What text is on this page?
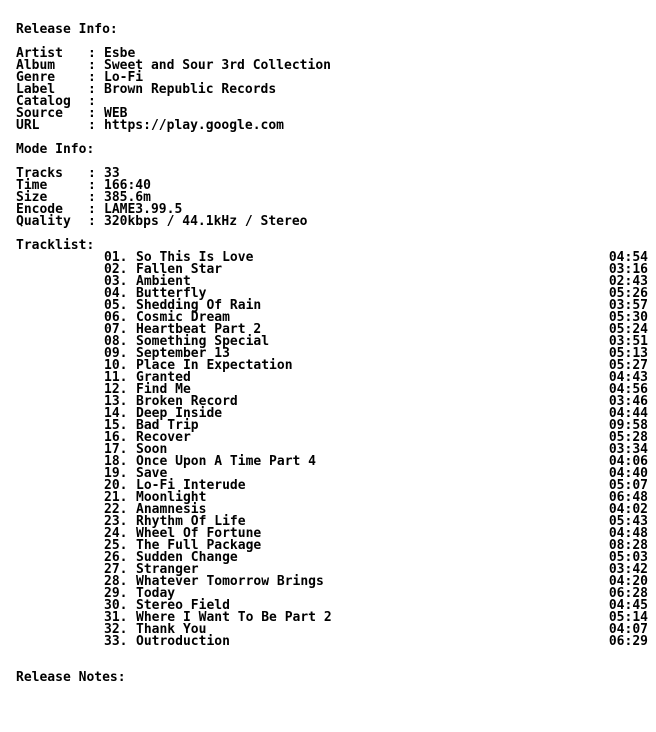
Release Info:
Artist	: Esbe
Album	: Sweet and Sour 3rd Collection
Genre	: Lo-Fi
Label	: Brown Republic Records
Catalog	:
Source	: WEB
URL	: https://play.google.com
Mode Info:
Tracks	: 33
Time	: 166:40
Size	: 385.6m
Encode	: LAME3.99.5
Quality	: 320kbps / 44.1kHz / Stereo
Tracklist:
01. So This Is Love	04:54
02. Fallen Star	03:16
03. Ambient	02:43
04. Butterfly	05:26
05. Shedding Of Rain	03:57
06. Cosmic Dream	05:30
07. Heartbeat Part 2	05:24
08. Something Special	03:51
09. September 13	05:13
10. Place In Expectation	05:27
11. Granted	04:43
12. Find Me	04:56
13. Broken Record	03:46
14. Deep Inside	04:44
15. Bad Trip	09:58
16. Recover	05:28
17. Soon	03:34
18. Once Upon A Time Part 4	04:06
19. Save	04:40
20. Lo-Fi Interude	05:07
21. Moonlight	06:48
22. Anamnesis	04:02
23. Rhythm Of Life	05:43
24. Wheel Of Fortune	04:48
25. The Full Package	08:28
26. Sudden Change	05:03
27. Stranger	03:42
28. Whatever Tomorrow Brings	04:20
29. Today	06:28
30. Stereo Field	04:45
31. Where I Want To Be Part 2	05:14
32. Thank You	04:07
33. Outroduction	06:29
Release Notes:
